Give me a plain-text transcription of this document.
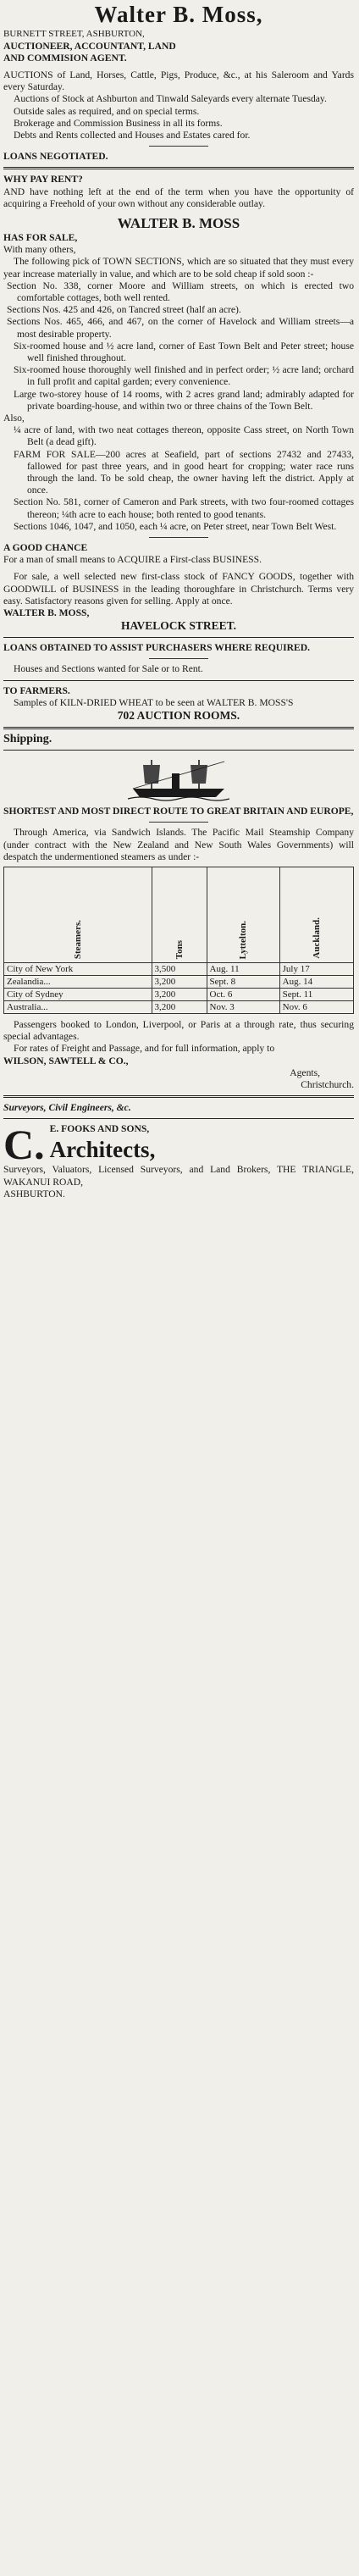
Walter B. Moss,

BURNETT STREET, ASHBURTON,

AUCTIONEER, ACCOUNTANT, LAND

AND COMMISION AGENT.

AUCTIONS of Land, Horses, Cattle, Pigs, Produce, &c., at his Saleroom and Yards every Saturday.

Auctions of Stock at Ashburton and Tinwald Saleyards every alternate Tuesday.

Outside sales as required, and on special terms.

Brokerage and Commission Business in all its forms.

Debts and Rents collected and Houses and Estates cared for.

LOANS NEGOTIATED.

WHY PAY RENT?

AND have nothing left at the end of the term when you have the opportunity of acquiring a Freehold of your own without any considerable outlay.

WALTER B. MOSS

HAS FOR SALE,

With many others,

The following pick of TOWN SECTIONS, which are so situated that they must every year increase materially in value, and which are to be sold cheap if sold soon :-

Section No. 338, corner Moore and William streets, on which is erected two comfortable cottages, both well rented.

Sections Nos. 425 and 426, on Tancred street (half an acre).

Sections Nos. 465, 466, and 467, on the corner of Havelock and William streets—a most desirable property.

Six-roomed house and ½ acre land, corner of East Town Belt and Peter street; house well finished throughout.

Six-roomed house thoroughly well finished and in perfect order; ½ acre land; orchard in full profit and capital garden; every convenience.

Large two-storey house of 14 rooms, with 2 acres grand land; admirably adapted for private boarding-house, and within two or three chains of the Town Belt.

Also,

¼ acre of land, with two neat cottages thereon, opposite Cass street, on North Town Belt (a dead gift).

FARM FOR SALE—200 acres at Seafield, part of sections 27432 and 27433, fallowed for past three years, and in good heart for cropping; water race runs through the land. To be sold cheap, the owner having left the district. Apply at once.

Section No. 581, corner of Cameron and Park streets, with two four-roomed cottages thereon; ¼th acre to each house; both rented to good tenants.

Sections 1046, 1047, and 1050, each ¼ acre, on Peter street, near Town Belt West.

A GOOD CHANCE

For a man of small means to ACQUIRE a First-class BUSINESS.

For sale, a well selected new first-class stock of FANCY GOODS, together with GOODWILL of BUSINESS in the leading thoroughfare in Christchurch. Terms very easy. Satisfactory reasons given for selling. Apply at once.

WALTER B. MOSS,

HAVELOCK STREET.

LOANS OBTAINED TO ASSIST PURCHASERS WHERE REQUIRED.

Houses and Sections wanted for Sale or to Rent.

TO FARMERS.

Samples of KILN-DRIED WHEAT to be seen at WALTER B. MOSS'S

702 AUCTION ROOMS.

Shipping.

SHORTEST AND MOST DIRECT ROUTE TO GREAT BRITAIN AND EUROPE,

Through America, via Sandwich Islands. The Pacific Mail Steamship Company (under contract with the New Zealand and New South Wales Governments) will despatch the undermentioned steamers as under :-

Steamers.	Tons	Lyttelton.	Auckland.
City of New York	3,500	Aug. 11	July 17
Zealandia...	3,200	Sept. 8	Aug. 14
City of Sydney	3,200	Oct. 6	Sept. 11
Australia...	3,200	Nov. 3	Nov. 6

Passengers booked to London, Liverpool, or Paris at a through rate, thus securing special advantages.

For rates of Freight and Passage, and for full information, apply to

WILSON, SAWTELL & CO.,

Agents,

Christchurch.

Surveyors, Civil Engineers, &c.

C. E. FOOKS AND SONS,

Architects,

Surveyors, Valuators, Licensed Surveyors, and Land Brokers, THE TRIANGLE, WAKANUI ROAD,

ASHBURTON.
